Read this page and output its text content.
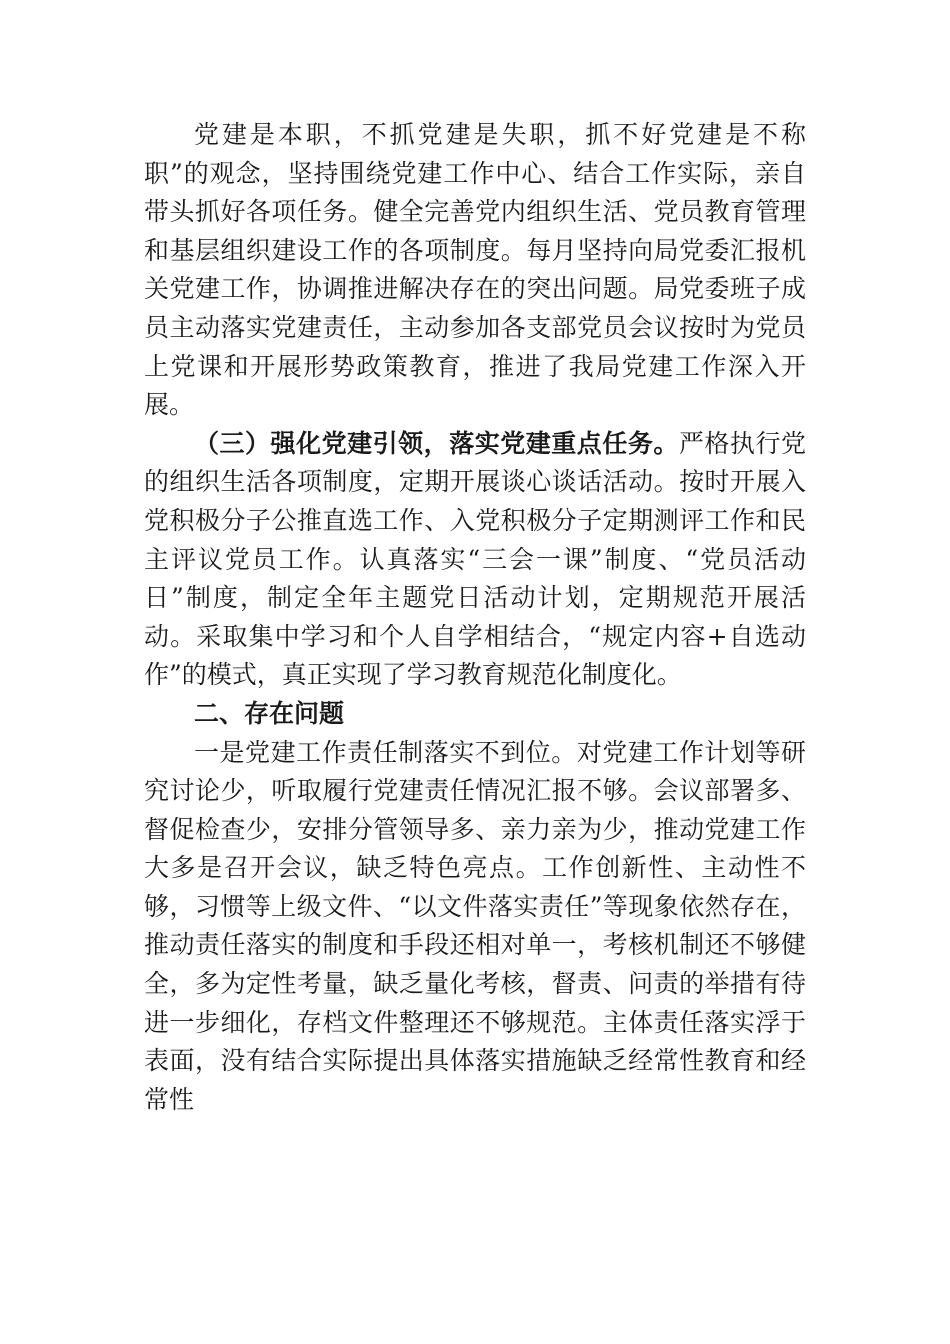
党建是本职，不抓党建是失职，抓不好党建是不称职”的观念，坚持围绕党建工作中心、结合工作实际，亲自带头抓好各项任务。健全完善党内组织生活、党员教育管理和基层组织建设工作的各项制度。每月坚持向局党委汇报机关党建工作，协调推进解决存在的突出问题。局党委班子成员主动落实党建责任，主动参加各支部党员会议按时为党员上党课和开展形势政策教育，推进了我局党建工作深入开展。

（三）强化党建引领，落实党建重点任务。严格执行党的组织生活各项制度，定期开展谈心谈话活动。按时开展入党积极分子公推直选工作、入党积极分子定期测评工作和民主评议党员工作。认真落实“三会一课”制度、“党员活动日”制度，制定全年主题党日活动计划，定期规范开展活动。采取集中学习和个人自学相结合，“规定内容+自选动作”的模式，真正实现了学习教育规范化制度化。

二、存在问题

一是党建工作责任制落实不到位。对党建工作计划等研究讨论少，听取履行党建责任情况汇报不够。会议部署多、督促检查少，安排分管领导多、亲力亲为少，推动党建工作大多是召开会议，缺乏特色亮点。工作创新性、主动性不够，习惯等上级文件、“以文件落实责任”等现象依然存在，推动责任落实的制度和手段还相对单一，考核机制还不够健全，多为定性考量，缺乏量化考核，督责、问责的举措有待进一步细化，存档文件整理还不够规范。主体责任落实浮于表面，没有结合实际提出具体落实措施缺乏经常性教育和经常性
